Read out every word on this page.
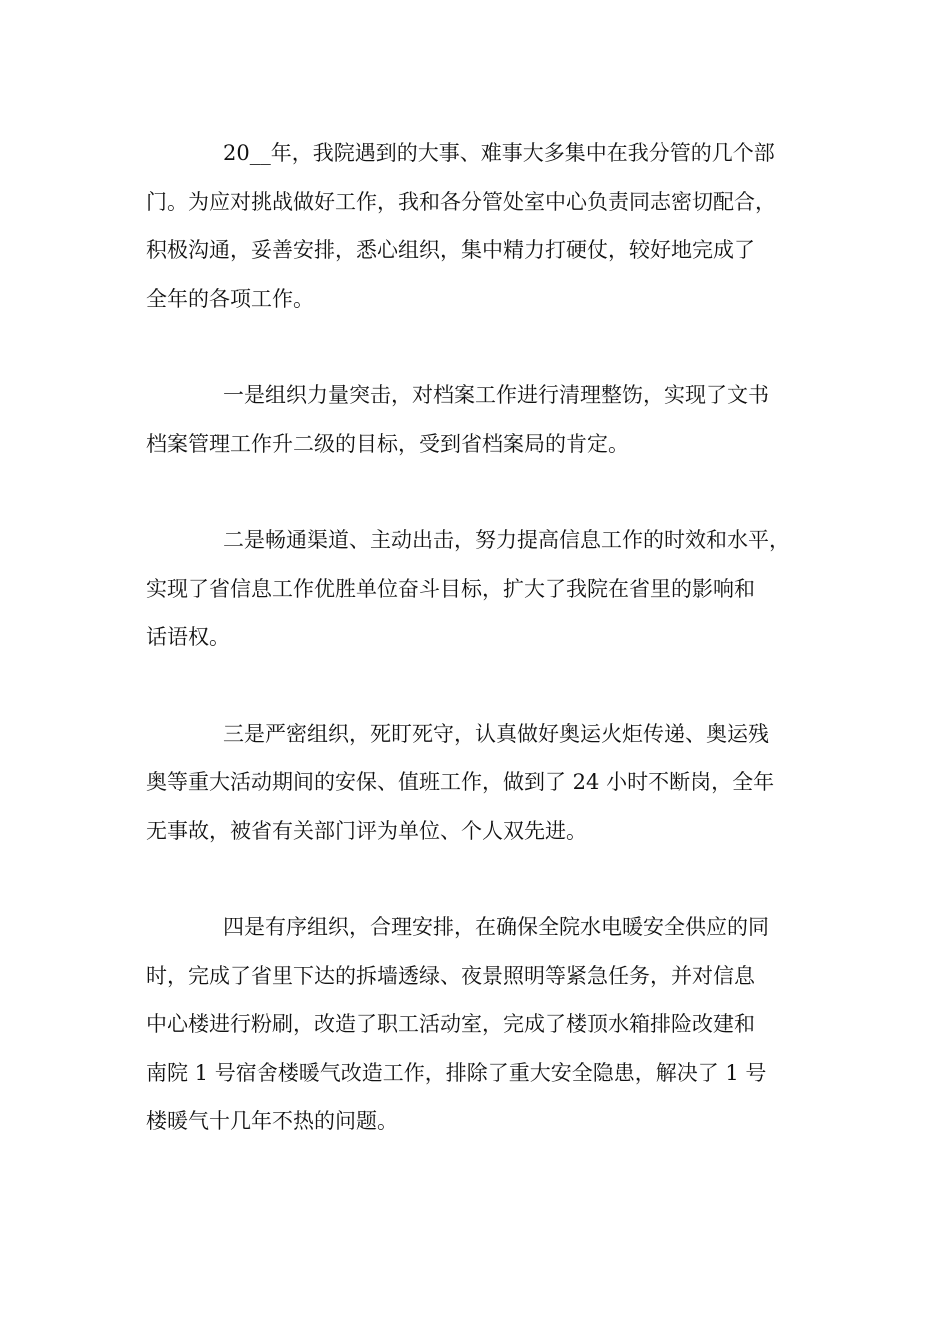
20__年，我院遇到的大事、难事大多集中在我分管的几个部
门。为应对挑战做好工作，我和各分管处室中心负责同志密切配合，
积极沟通，妥善安排，悉心组织，集中精力打硬仗，较好地完成了
全年的各项工作。

一是组织力量突击，对档案工作进行清理整饬，实现了文书
档案管理工作升二级的目标，受到省档案局的肯定。

二是畅通渠道、主动出击，努力提高信息工作的时效和水平，
实现了省信息工作优胜单位奋斗目标，扩大了我院在省里的影响和
话语权。

三是严密组织，死盯死守，认真做好奥运火炬传递、奥运残
奥等重大活动期间的安保、值班工作，做到了 24 小时不断岗，全年
无事故，被省有关部门评为单位、个人双先进。

四是有序组织，合理安排，在确保全院水电暖安全供应的同
时，完成了省里下达的拆墙透绿、夜景照明等紧急任务，并对信息
中心楼进行粉刷，改造了职工活动室，完成了楼顶水箱排险改建和
南院 1 号宿舍楼暖气改造工作，排除了重大安全隐患，解决了 1 号
楼暖气十几年不热的问题。
